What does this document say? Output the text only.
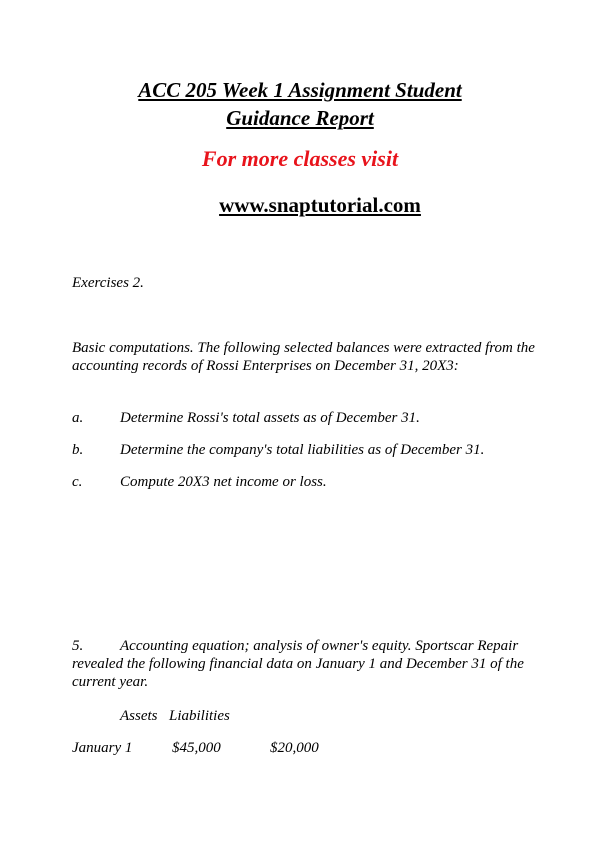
ACC 205 Week 1 Assignment Student
Guidance Report
For more classes visit
www.snaptutorial.com
Exercises 2.
Basic computations. The following selected balances were extracted from the accounting records of Rossi Enterprises on December 31, 20X3:
a. Determine Rossi's total assets as of December 31.
b. Determine the company's total liabilities as of December 31.
c.	Compute 20X3 net income or loss.
5. Accounting equation; analysis of owner's equity. Sportscar Repair revealed the following financial data on January 1 and December 31 of the current year.
Assets Liabilities
January 1	$45,000	$20,000
